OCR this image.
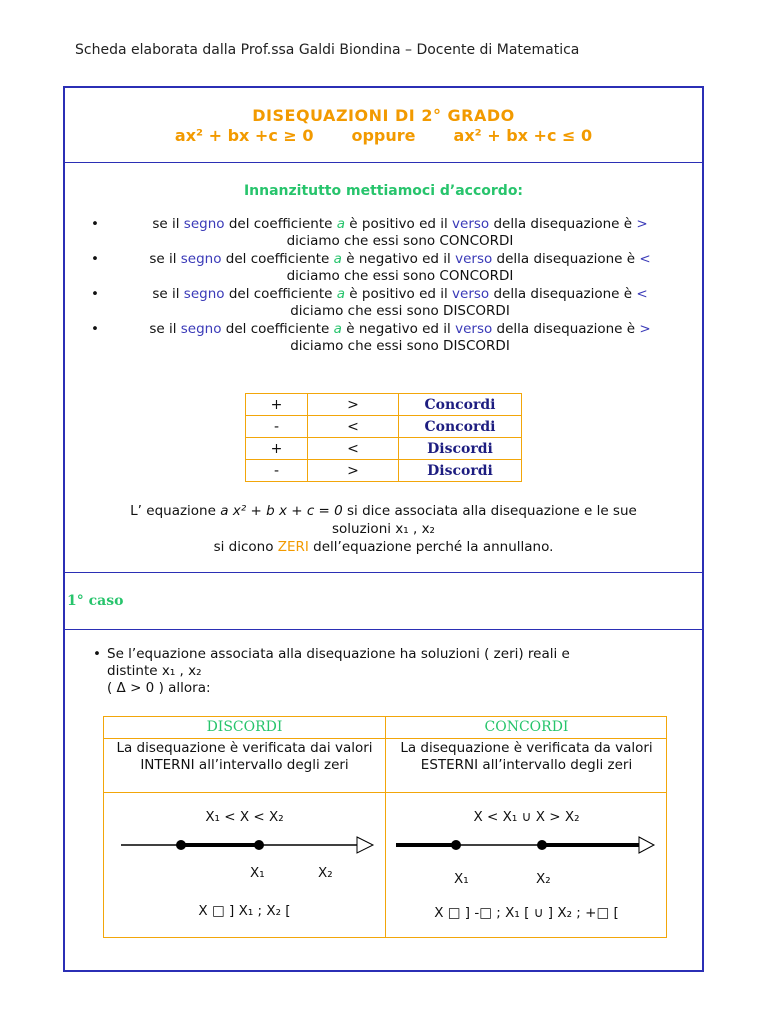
Scheda elaborata dalla Prof.ssa Galdi Biondina – Docente di Matematica
DISEQUAZIONI DI 2° GRADO
ax² + bx +c ≥ 0 oppure ax² + bx +c ≤ 0
Innanzitutto mettiamoci d’accordo:
• se il segno del coefficiente a è positivo ed il verso della disequazione è >
diciamo che essi sono CONCORDI
• se il segno del coefficiente a è negativo ed il verso della disequazione è <
diciamo che essi sono CONCORDI
• se il segno del coefficiente a è positivo ed il verso della disequazione è <
diciamo che essi sono DISCORDI
• se il segno del coefficiente a è negativo ed il verso della disequazione è >
diciamo che essi sono DISCORDI
+	>	Concordi
-	<	Concordi
+	<	Discordi
-	>	Discordi
L’ equazione a x² + b x + c = 0 si dice associata alla disequazione e le sue
soluzioni x₁ , x₂
si dicono ZERI dell’equazione perché la annullano.
1° caso
• Se l’equazione associata alla disequazione ha soluzioni ( zeri) reali e
distinte x₁ , x₂
( Δ > 0 ) allora:
DISCORDI
La disequazione è verificata dai valori INTERNI all’intervallo degli zeri
X₁ < X < X₂
X₁	X₂
X □ ] X₁ ; X₂ [
CONCORDI
La disequazione è verificata da valori ESTERNI all’intervallo degli zeri
X < X₁ ∪ X > X₂
X₁	X₂
X □ ] -□ ; X₁ [ ∪ ] X₂ ; +□ [
